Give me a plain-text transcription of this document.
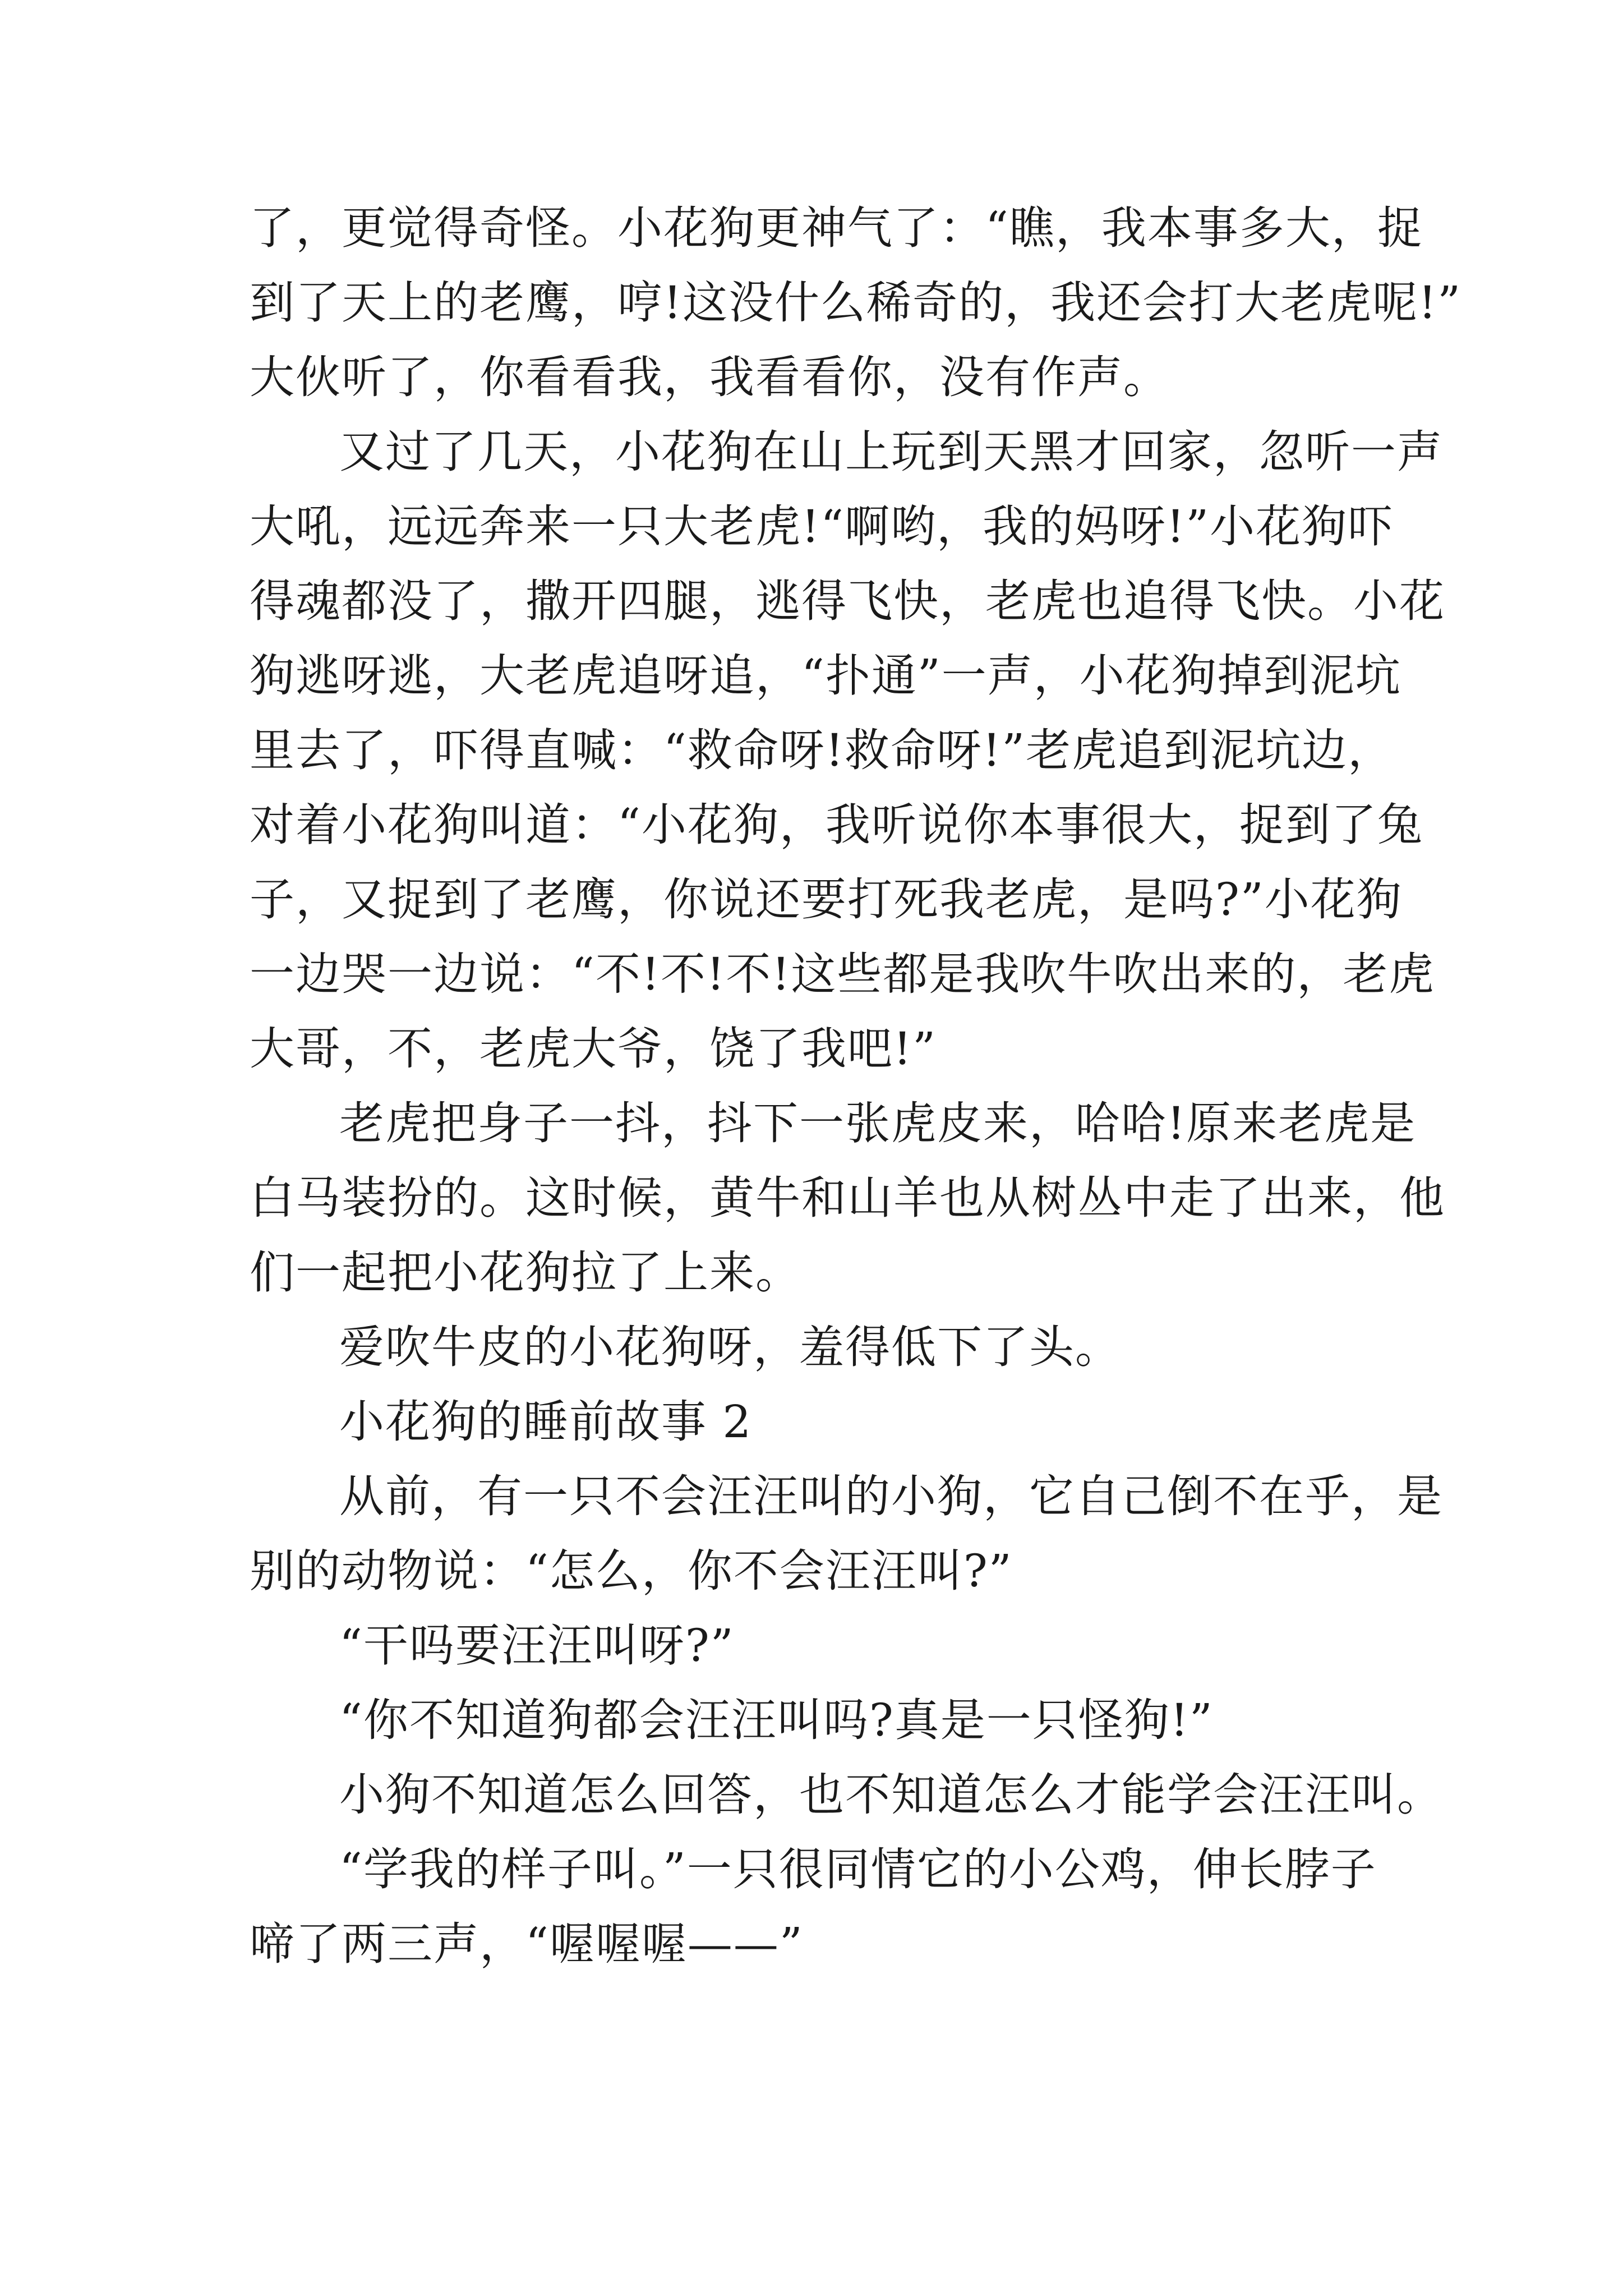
了，更觉得奇怪。小花狗更神气了：“瞧，我本事多大，捉
到了天上的老鹰，哼!这没什么稀奇的，我还会打大老虎呢!”
大伙听了，你看看我，我看看你，没有作声。
又过了几天，小花狗在山上玩到天黑才回家，忽听一声
大吼，远远奔来一只大老虎!“啊哟，我的妈呀!”小花狗吓
得魂都没了，撒开四腿，逃得飞快，老虎也追得飞快。小花
狗逃呀逃，大老虎追呀追，“扑通”一声，小花狗掉到泥坑
里去了，吓得直喊：“救命呀!救命呀!”老虎追到泥坑边，
对着小花狗叫道：“小花狗，我听说你本事很大，捉到了兔
子，又捉到了老鹰，你说还要打死我老虎，是吗?”小花狗
一边哭一边说：“不!不!不!这些都是我吹牛吹出来的，老虎
大哥，不，老虎大爷，饶了我吧!”
老虎把身子一抖，抖下一张虎皮来，哈哈!原来老虎是
白马装扮的。这时候，黄牛和山羊也从树丛中走了出来，他
们一起把小花狗拉了上来。
爱吹牛皮的小花狗呀，羞得低下了头。
小花狗的睡前故事 2
从前，有一只不会汪汪叫的小狗，它自己倒不在乎，是
别的动物说：“怎么，你不会汪汪叫?”
“干吗要汪汪叫呀?”
“你不知道狗都会汪汪叫吗?真是一只怪狗!”
小狗不知道怎么回答，也不知道怎么才能学会汪汪叫。
“学我的样子叫。”一只很同情它的小公鸡，伸长脖子
啼了两三声，“喔喔喔——”
